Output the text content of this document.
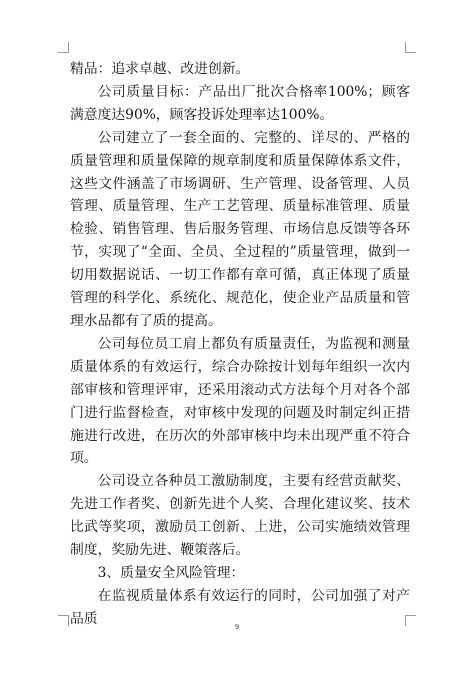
精品：追求卓越、改进创新。

公司质量目标：产品出厂批次合格率100%；顾客满意度达90%，顾客投诉处理率达100%。

公司建立了一套全面的、完整的、详尽的、严格的质量管理和质量保障的规章制度和质量保障体系文件，这些文件涵盖了市场调研、生产管理、设备管理、人员管理、质量管理、生产工艺管理、质量标准管理、质量检验、销售管理、售后服务管理、市场信息反馈等各环节，实现了“全面、全员、全过程的”质量管理，做到一切用数据说话、一切工作都有章可循，真正体现了质量管理的科学化、系统化、规范化，使企业产品质量和管理水品都有了质的提高。

公司每位员工肩上都负有质量责任，为监视和测量质量体系的有效运行，综合办除按计划每年组织一次内部审核和管理评审，还采用滚动式方法每个月对各个部门进行监督检查，对审核中发现的问题及时制定纠正措施进行改进，在历次的外部审核中均未出现严重不符合项。

公司设立各种员工激励制度，主要有经营贡献奖、先进工作者奖、创新先进个人奖、合理化建议奖、技术比武等奖项，激励员工创新、上进，公司实施绩效管理制度，奖励先进、鞭策落后。

3、质量安全风险管理：

在监视质量体系有效运行的同时，公司加强了对产品质

9
